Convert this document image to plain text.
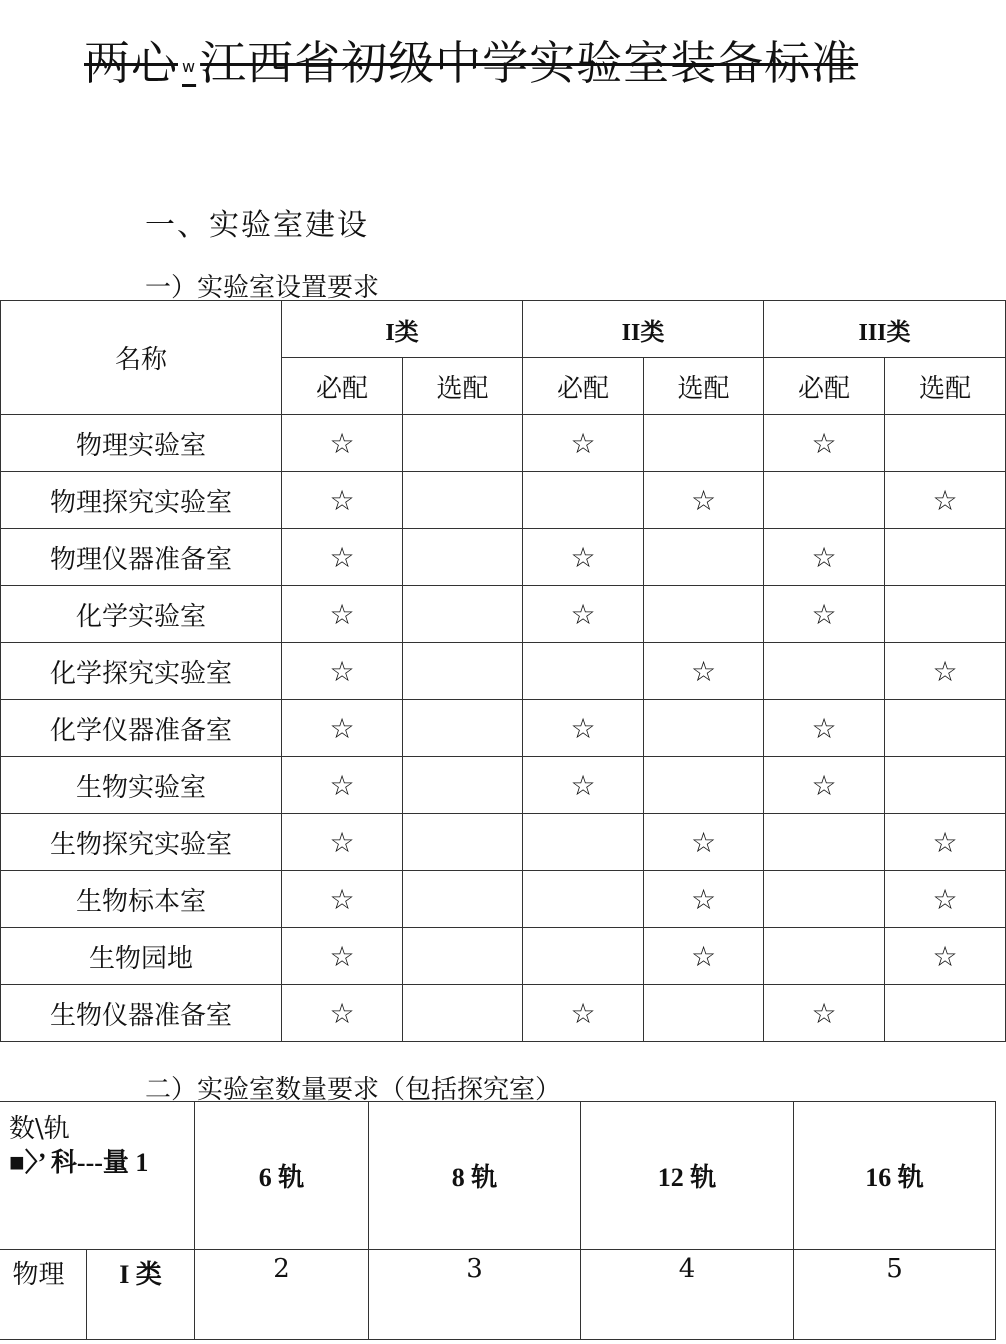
两心 w江西省初级中学实验室装备标准
一、实验室建设
一）实验室设置要求
名称	I类		II类		III类	
	必配	选配	必配	选配	必配	选配
物理实验室	☆		☆		☆	
物理探究实验室	☆			☆		☆
物理仪器准备室	☆		☆		☆	
化学实验室	☆		☆		☆	
化学探究实验室	☆			☆		☆
化学仪器准备室	☆		☆		☆	
生物实验室	☆		☆		☆	
生物探究实验室	☆			☆		☆
生物标本室	☆			☆		☆
生物园地	☆			☆		☆
生物仪器准备室	☆		☆		☆	
二）实验室数量要求（包括探究室）
数\轨
■〉’ 科---量 1		6 轨	8 轨	12 轨	16 轨
物理	I 类	2	3	4	5
